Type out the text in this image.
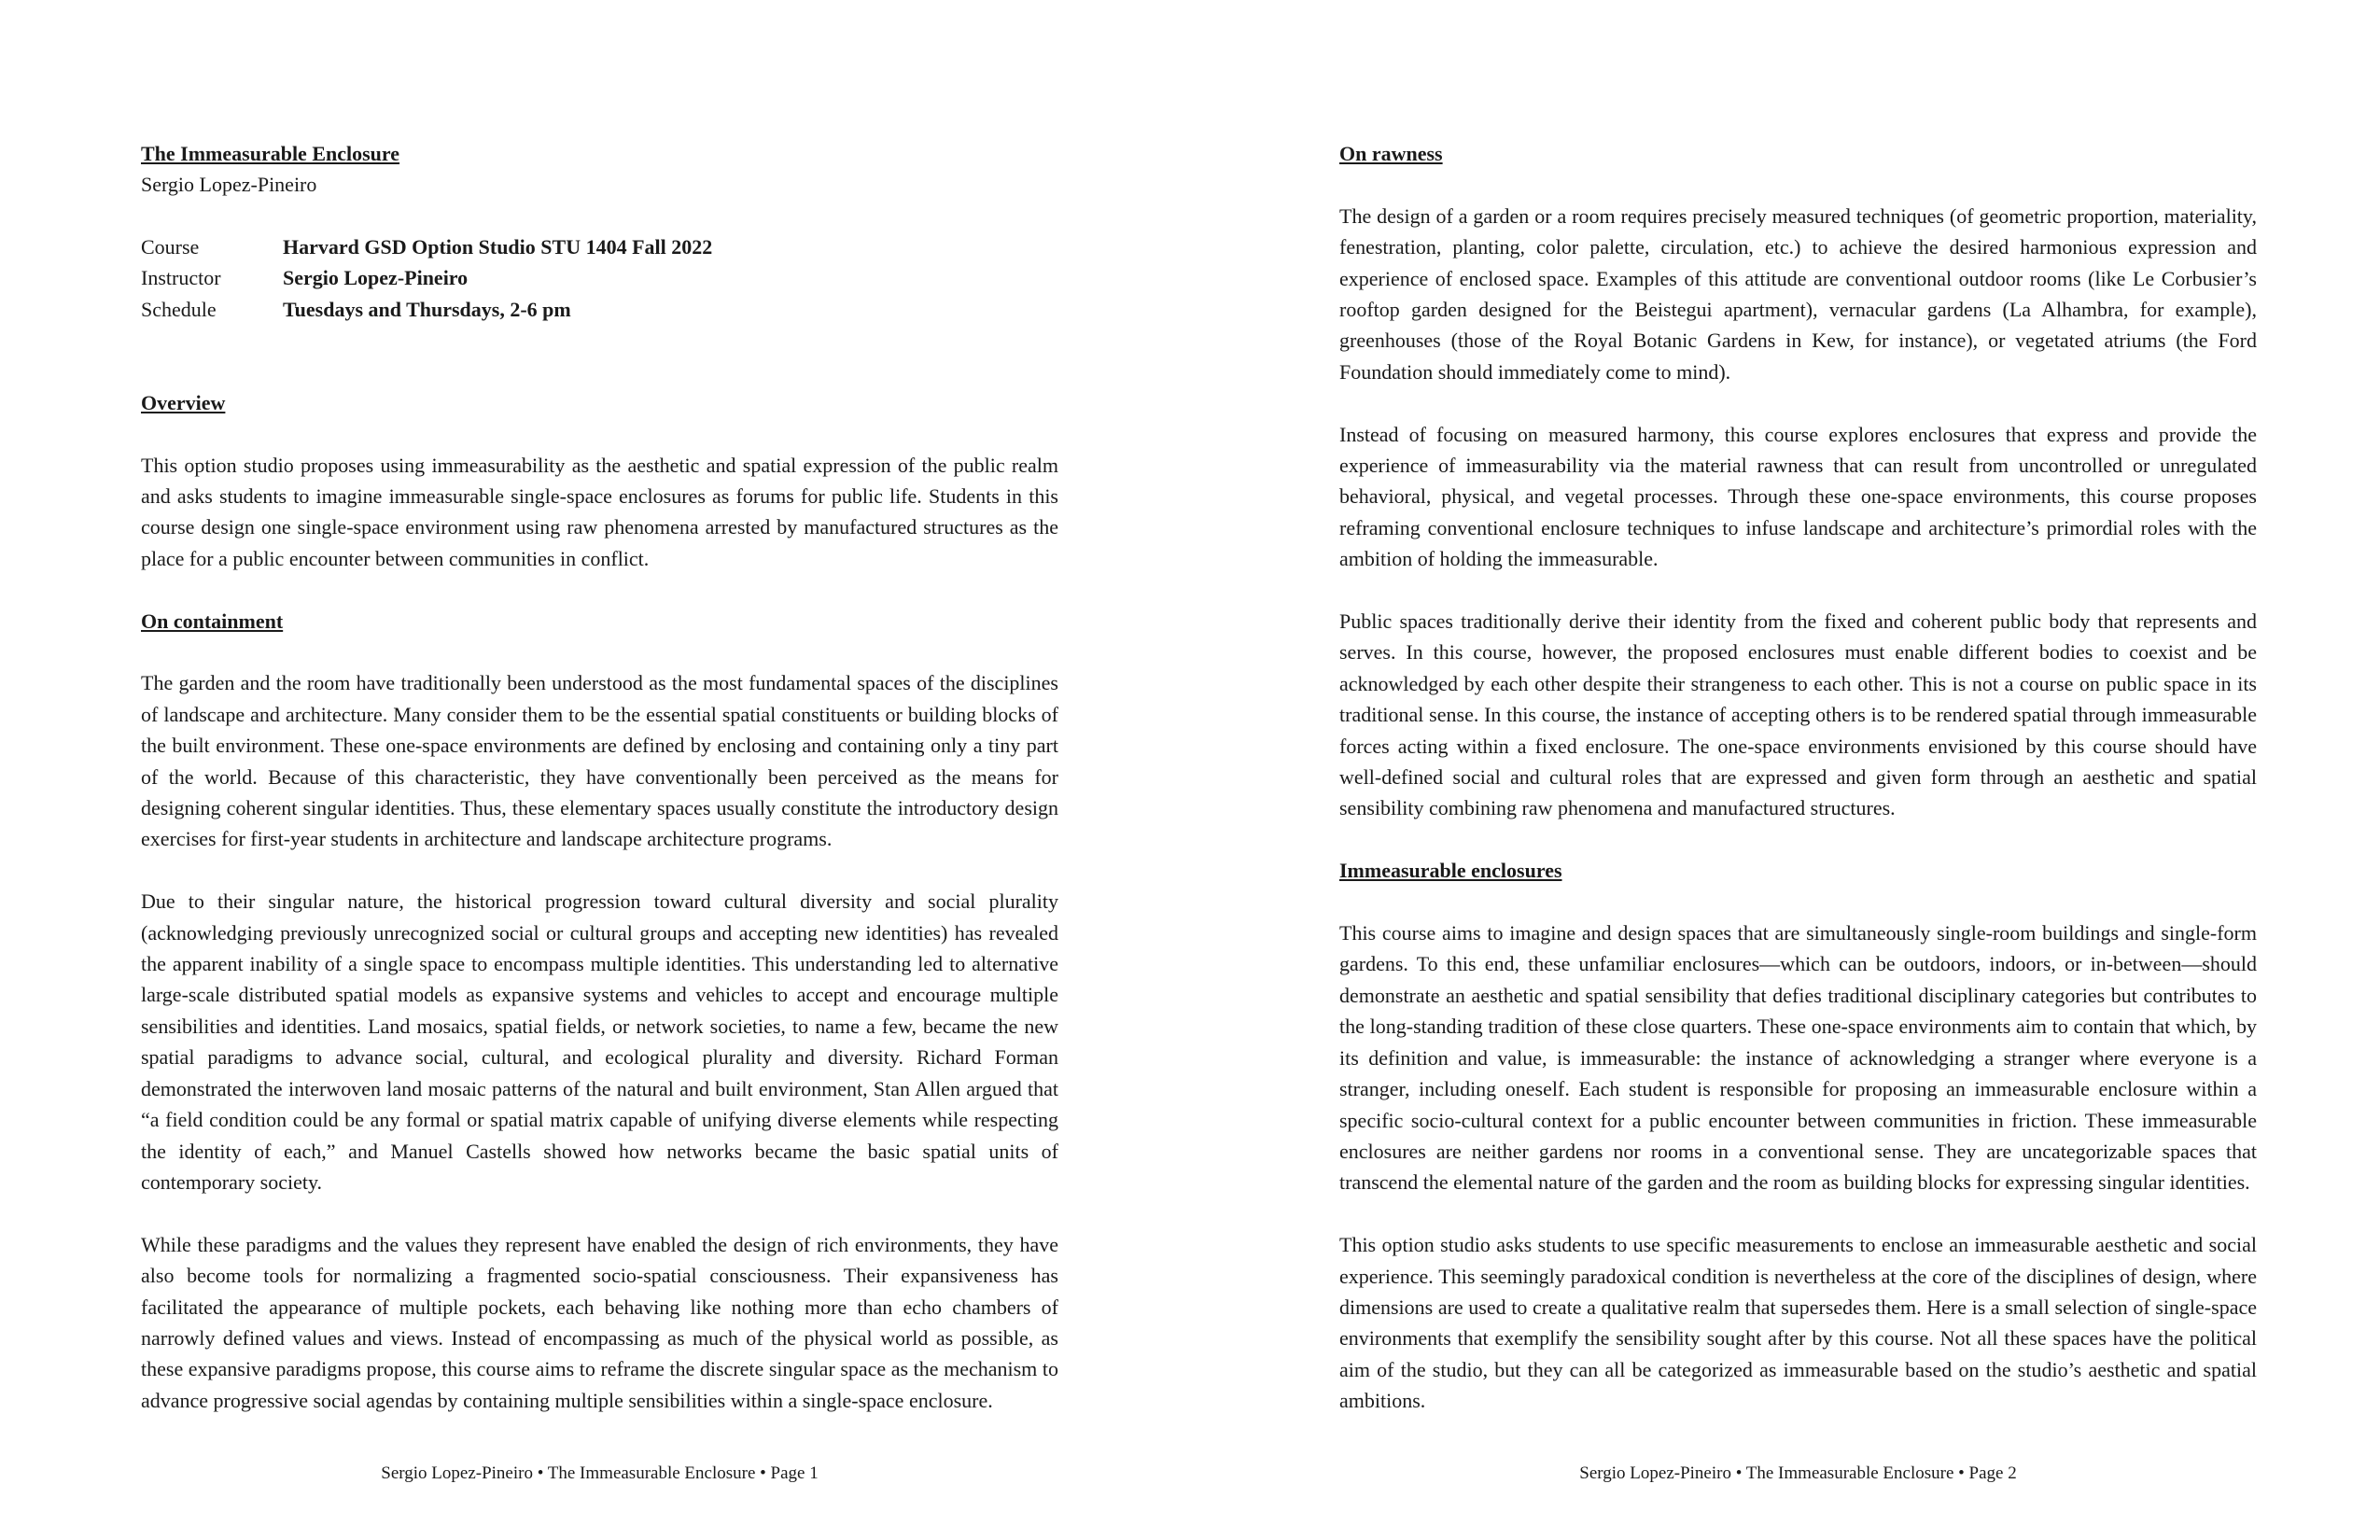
The Immeasurable Enclosure

Sergio Lopez-Pineiro

Course	Harvard GSD Option Studio STU 1404 Fall 2022
Instructor	Sergio Lopez-Pineiro
Schedule	Tuesdays and Thursdays, 2-6 pm

Overview

This option studio proposes using immeasurability as the aesthetic and spatial expression of the public realm and asks students to imagine immeasurable single-space enclosures as forums for public life. Students in this course design one single-space environment using raw phenomena arrested by manufactured structures as the place for a public encounter between communities in conflict.

On containment

The garden and the room have traditionally been understood as the most fundamental spaces of the disciplines of landscape and architecture. Many consider them to be the essential spatial constituents or building blocks of the built environment. These one-space environments are defined by enclosing and containing only a tiny part of the world. Because of this characteristic, they have conventionally been perceived as the means for designing coherent singular identities. Thus, these elementary spaces usually constitute the introductory design exercises for first-year students in architecture and landscape architecture programs.

Due to their singular nature, the historical progression toward cultural diversity and social plurality (acknowledging previously unrecognized social or cultural groups and accepting new identities) has revealed the apparent inability of a single space to encompass multiple identities. This understanding led to alternative large-scale distributed spatial models as expansive systems and vehicles to accept and encourage multiple sensibilities and identities. Land mosaics, spatial fields, or network societies, to name a few, became the new spatial paradigms to advance social, cultural, and ecological plurality and diversity. Richard Forman demonstrated the interwoven land mosaic patterns of the natural and built environment, Stan Allen argued that “a field condition could be any formal or spatial matrix capable of unifying diverse elements while respecting the identity of each,” and Manuel Castells showed how networks became the basic spatial units of contemporary society.

While these paradigms and the values they represent have enabled the design of rich environments, they have also become tools for normalizing a fragmented socio-spatial consciousness. Their expansiveness has facilitated the appearance of multiple pockets, each behaving like nothing more than echo chambers of narrowly defined values and views. Instead of encompassing as much of the physical world as possible, as these expansive paradigms propose, this course aims to reframe the discrete singular space as the mechanism to advance progressive social agendas by containing multiple sensibilities within a single-space enclosure.

Sergio Lopez-Pineiro • The Immeasurable Enclosure • Page 1

On rawness

The design of a garden or a room requires precisely measured techniques (of geometric proportion, materiality, fenestration, planting, color palette, circulation, etc.) to achieve the desired harmonious expression and experience of enclosed space. Examples of this attitude are conventional outdoor rooms (like Le Corbusier’s rooftop garden designed for the Beistegui apartment), vernacular gardens (La Alhambra, for example), greenhouses (those of the Royal Botanic Gardens in Kew, for instance), or vegetated atriums (the Ford Foundation should immediately come to mind).

Instead of focusing on measured harmony, this course explores enclosures that express and provide the experience of immeasurability via the material rawness that can result from uncontrolled or unregulated behavioral, physical, and vegetal processes. Through these one-space environments, this course proposes reframing conventional enclosure techniques to infuse landscape and architecture’s primordial roles with the ambition of holding the immeasurable.

Public spaces traditionally derive their identity from the fixed and coherent public body that represents and serves. In this course, however, the proposed enclosures must enable different bodies to coexist and be acknowledged by each other despite their strangeness to each other. This is not a course on public space in its traditional sense. In this course, the instance of accepting others is to be rendered spatial through immeasurable forces acting within a fixed enclosure. The one-space environments envisioned by this course should have well-defined social and cultural roles that are expressed and given form through an aesthetic and spatial sensibility combining raw phenomena and manufactured structures.

Immeasurable enclosures

This course aims to imagine and design spaces that are simultaneously single-room buildings and single-form gardens. To this end, these unfamiliar enclosures—which can be outdoors, indoors, or in-between—should demonstrate an aesthetic and spatial sensibility that defies traditional disciplinary categories but contributes to the long-standing tradition of these close quarters. These one-space environments aim to contain that which, by its definition and value, is immeasurable: the instance of acknowledging a stranger where everyone is a stranger, including oneself. Each student is responsible for proposing an immeasurable enclosure within a specific socio-cultural context for a public encounter between communities in friction. These immeasurable enclosures are neither gardens nor rooms in a conventional sense. They are uncategorizable spaces that transcend the elemental nature of the garden and the room as building blocks for expressing singular identities.

This option studio asks students to use specific measurements to enclose an immeasurable aesthetic and social experience. This seemingly paradoxical condition is nevertheless at the core of the disciplines of design, where dimensions are used to create a qualitative realm that supersedes them. Here is a small selection of single-space environments that exemplify the sensibility sought after by this course. Not all these spaces have the political aim of the studio, but they can all be categorized as immeasurable based on the studio’s aesthetic and spatial ambitions.

Sergio Lopez-Pineiro • The Immeasurable Enclosure • Page 2
